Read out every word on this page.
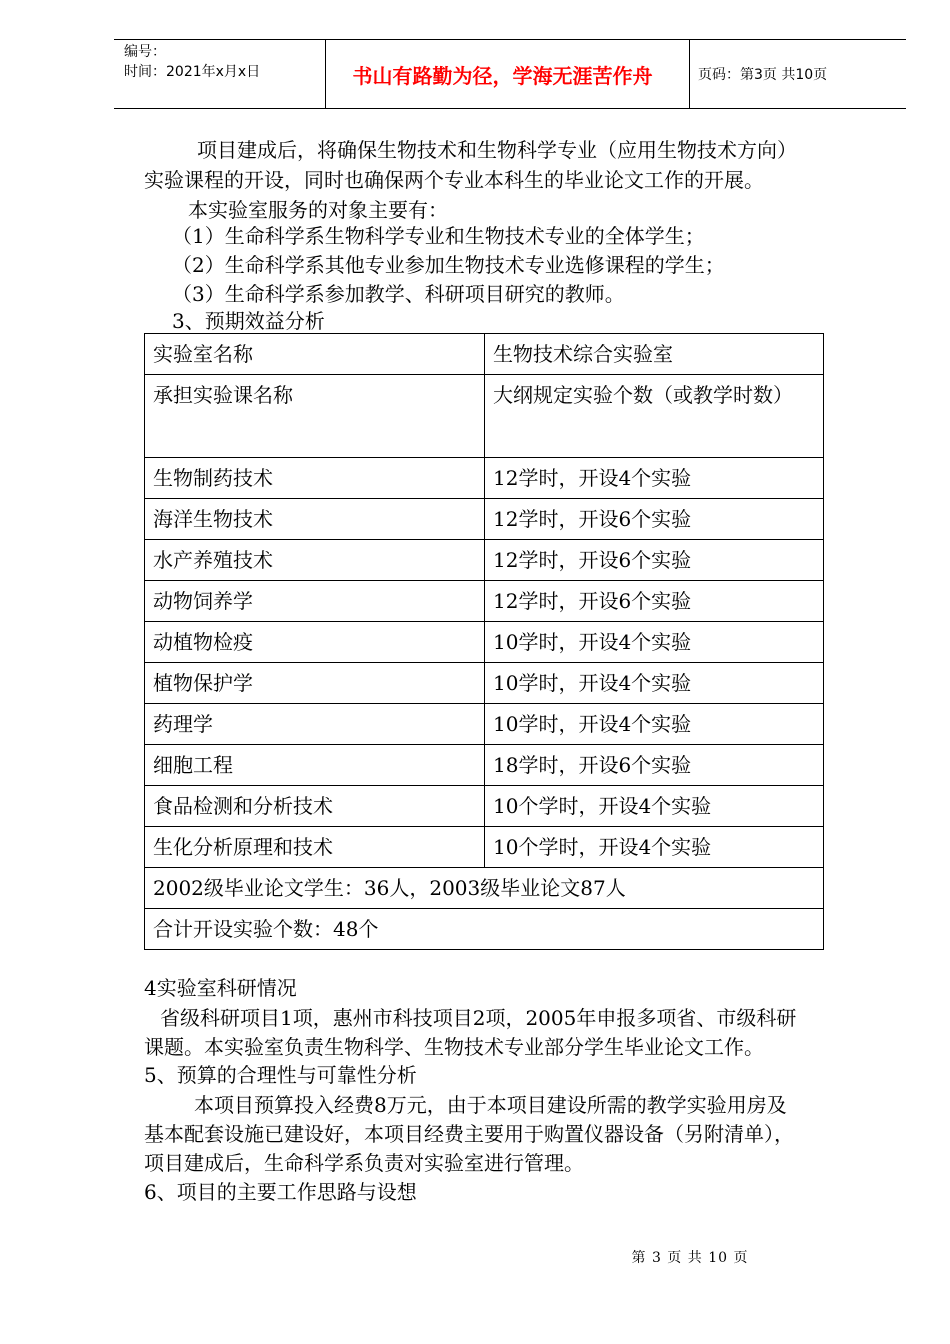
编号：
时间：2021年x月x日	书山有路勤为径，学海无涯苦作舟	页码：第3页 共10页
项目建成后，将确保生物技术和生物科学专业（应用生物技术方向）
实验课程的开设，同时也确保两个专业本科生的毕业论文工作的开展。
本实验室服务的对象主要有：
（1）生命科学系生物科学专业和生物技术专业的全体学生；
（2）生命科学系其他专业参加生物技术专业选修课程的学生；
（3）生命科学系参加教学、科研项目研究的教师。
3、预期效益分析
实验室名称	生物技术综合实验室
承担实验课名称	大纲规定实验个数（或教学时数）
生物制药技术	12学时，开设4个实验
海洋生物技术	12学时，开设6个实验
水产养殖技术	12学时，开设6个实验
动物饲养学	12学时，开设6个实验
动植物检疫	10学时，开设4个实验
植物保护学	10学时，开设4个实验
药理学	10学时，开设4个实验
细胞工程	18学时，开设6个实验
食品检测和分析技术	10个学时，开设4个实验
生化分析原理和技术	10个学时，开设4个实验
2002级毕业论文学生：36人，2003级毕业论文87人	
合计开设实验个数：48个	
4实验室科研情况
省级科研项目1项，惠州市科技项目2项，2005年申报多项省、市级科研
课题。本实验室负责生物科学、生物技术专业部分学生毕业论文工作。
5、预算的合理性与可靠性分析
本项目预算投入经费8万元，由于本项目建设所需的教学实验用房及
基本配套设施已建设好，本项目经费主要用于购置仪器设备（另附清单），
项目建成后，生命科学系负责对实验室进行管理。
6、项目的主要工作思路与设想
第 3 页 共 10 页
